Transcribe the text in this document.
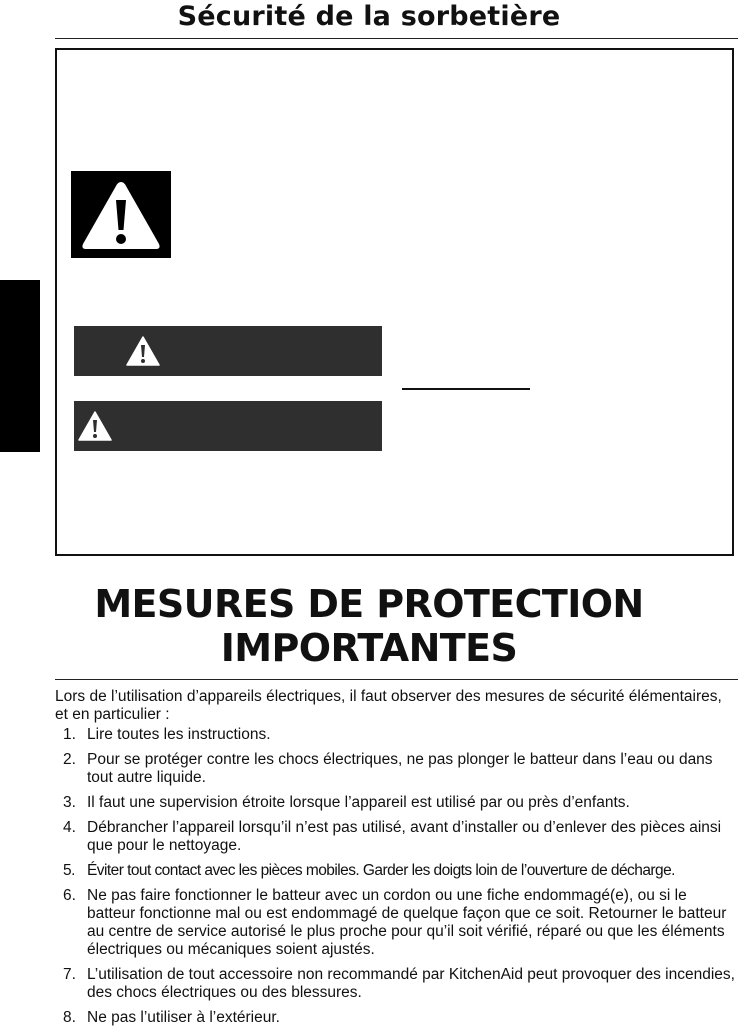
Sécurité de la sorbetière
MESURES DE PROTECTION
IMPORTANTES

Lors de l’utilisation d’appareils électriques, il faut observer des mesures de sécurité élémentaires, et en particulier :

1. Lire toutes les instructions.
2. Pour se protéger contre les chocs électriques, ne pas plonger le batteur dans l’eau ou dans tout autre liquide.
3. Il faut une supervision étroite lorsque l’appareil est utilisé par ou près d’enfants.
4. Débrancher l’appareil lorsqu’il n’est pas utilisé, avant d’installer ou d’enlever des pièces ainsi que pour le nettoyage.
5. Éviter tout contact avec les pièces mobiles. Garder les doigts loin de l’ouverture de décharge.
6. Ne pas faire fonctionner le batteur avec un cordon ou une fiche endommagé(e), ou si le batteur fonctionne mal ou est endommagé de quelque façon que ce soit. Retourner le batteur au centre de service autorisé le plus proche pour qu’il soit vérifié, réparé ou que les éléments électriques ou mécaniques soient ajustés.
7. L’utilisation de tout accessoire non recommandé par KitchenAid peut provoquer des incendies, des chocs électriques ou des blessures.
8. Ne pas l’utiliser à l’extérieur.
